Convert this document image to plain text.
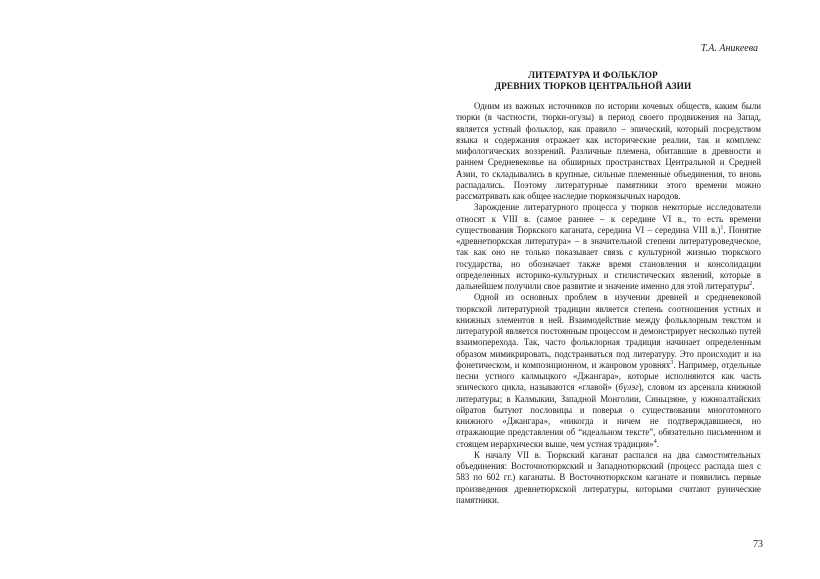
Т.А. Аникеева
ЛИТЕРАТУРА И ФОЛЬКЛОР
ДРЕВНИХ ТЮРКОВ ЦЕНТРАЛЬНОЙ АЗИИ

Одним из важных источников по истории кочевых обществ, каким были тюрки (в частности, тюрки-огузы) в период своего продвижения на Запад, является устный фольклор, как правило – эпический, который посредством языка и содержания отражает как исторические реалии, так и комплекс мифологических воззрений. Различные племена, обитавшие в древности и раннем Средневековье на обширных пространствах Центральной и Средней Азии, то складывались в крупные, сильные племенные объединения, то вновь распадались. Поэтому литературные памятники этого времени можно рассматривать как общее наследие тюркоязычных народов.

Зарождение литературного процесса у тюрков некоторые исследователи относят к VIII в. (самое раннее – к середине VI в., то есть времени существования Тюркского каганата, середина VI – середина VIII в.)$^1$. Понятие «древнетюркская литература» – в значительной степени литературоведческое, так как оно не только показывает связь с культурной жизнью тюркского государства, но обозначает также время становления и консолидации определенных историко-культурных и стилистических явлений, которые в дальнейшем получили свое развитие и значение именно для этой литературы$^2$.

Одной из основных проблем в изучении древней и средневековой тюркской литературной традиции является степень соотношения устных и книжных элементов в ней. Взаимодействие между фольклорным текстом и литературой является постоянным процессом и демонстрирует несколько путей взаимоперехода. Так, часто фольклорная традиция начинает определенным образом мимикрировать, подстраиваться под литературу. Это происходит и на фонетическом, и композиционном, и жанровом уровнях$^3$. Например, отдельные песни устного калмыцкого «Джангара», которые исполняются как часть эпического цикла, называются «главой» (бүлэг), словом из арсенала книжной литературы; в Калмыкии, Западной Монголии, Синьцзяне, у южноалтайских ойратов бытуют пословицы и поверья о существовании многотомного книжного «Джангара», «никогда и ничем не подтверждавшиеся, но отражающие представления об “идеальном тексте”, обязательно письменном и стоящем иерархически выше, чем устная традиция»$^4$.

К началу VII в. Тюркский каганат распался на два самостоятельных объединения: Восточнотюркский и Западнотюркский (процесс распада шел с 583 по 602 гг.) каганаты. В Восточнотюркском каганате и появились первые произведения древнетюркской литературы, которыми считают рунические памятники.

73
